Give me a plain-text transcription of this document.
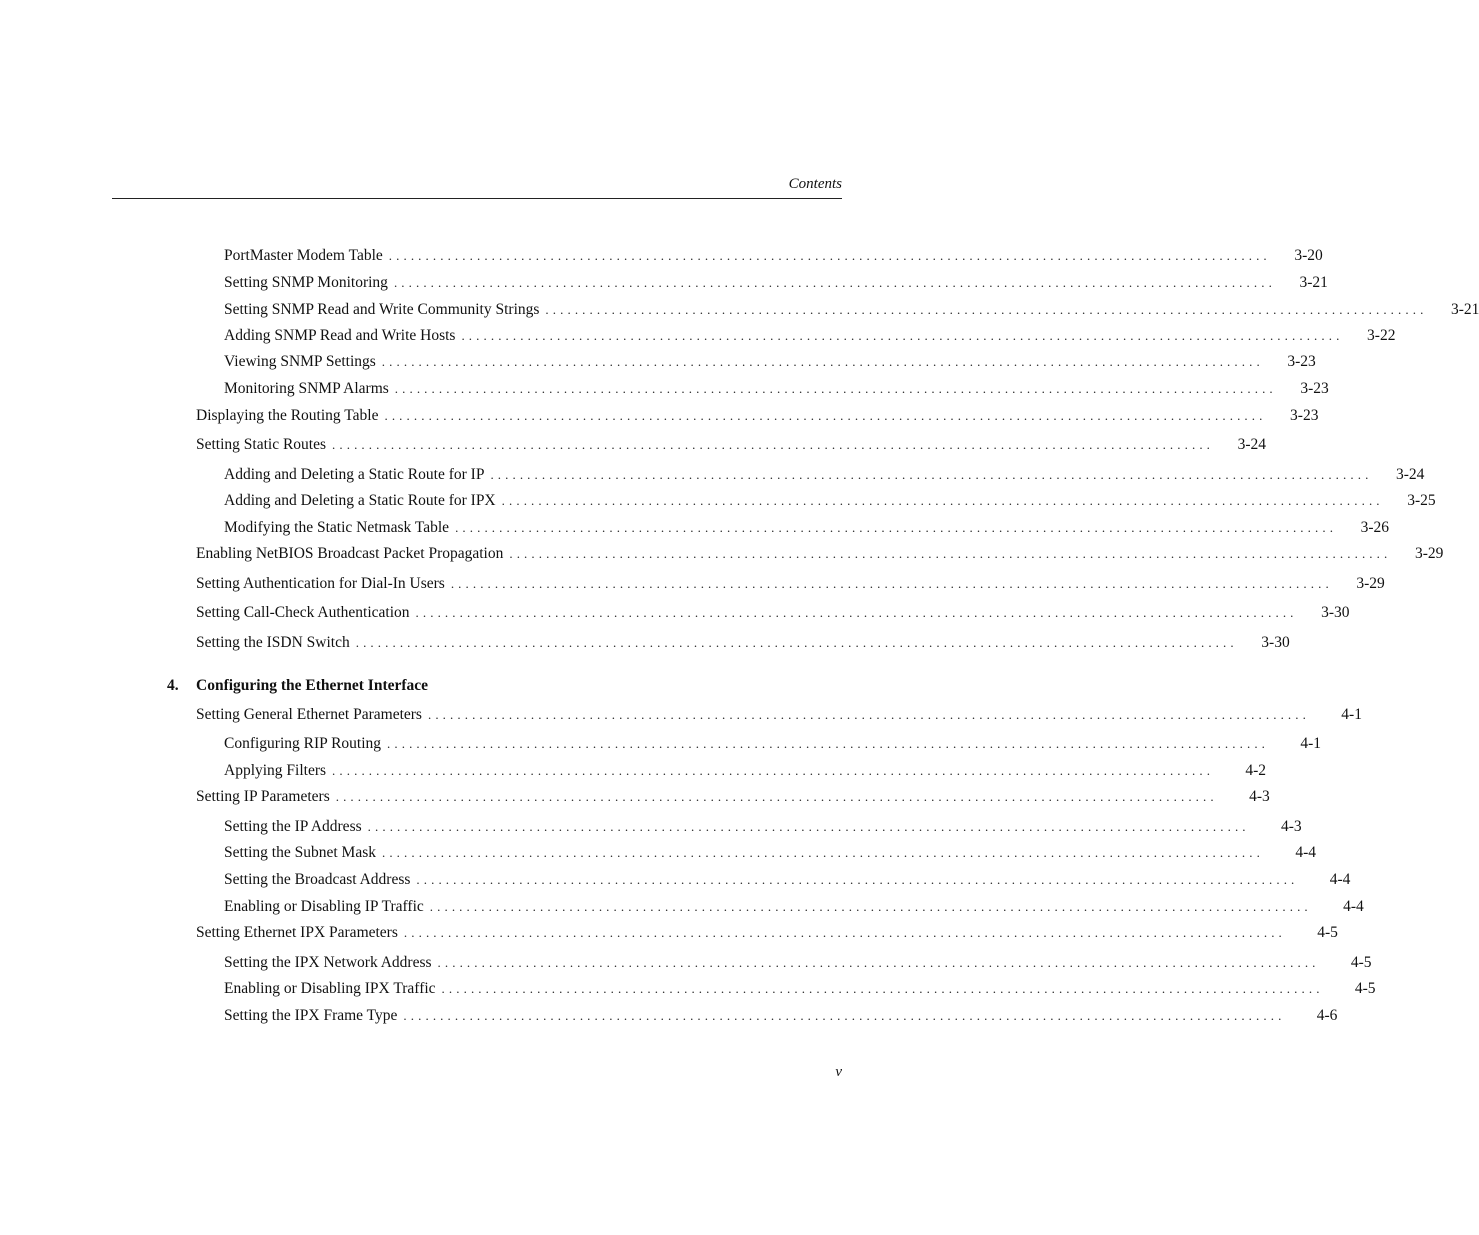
Contents
PortMaster Modem Table ........................................................................................................................	3-20
Setting SNMP Monitoring ........................................................................................................................	3-21
Setting SNMP Read and Write Community Strings ........................................................................................................................	3-21
Adding SNMP Read and Write Hosts ........................................................................................................................	3-22
Viewing SNMP Settings ........................................................................................................................	3-23
Monitoring SNMP Alarms ........................................................................................................................	3-23
Displaying the Routing Table ........................................................................................................................	3-23
Setting Static Routes ........................................................................................................................	3-24
Adding and Deleting a Static Route for IP ........................................................................................................................	3-24
Adding and Deleting a Static Route for IPX ........................................................................................................................	3-25
Modifying the Static Netmask Table ........................................................................................................................	3-26
Enabling NetBIOS Broadcast Packet Propagation ........................................................................................................................	3-29
Setting Authentication for Dial-In Users ........................................................................................................................	3-29
Setting Call-Check Authentication ........................................................................................................................	3-30
Setting the ISDN Switch ........................................................................................................................	3-30
4. Configuring the Ethernet Interface
Setting General Ethernet Parameters ........................................................................................................................	4-1
Configuring RIP Routing ........................................................................................................................	4-1
Applying Filters ........................................................................................................................	4-2
Setting IP Parameters ........................................................................................................................	4-3
Setting the IP Address ........................................................................................................................	4-3
Setting the Subnet Mask ........................................................................................................................	4-4
Setting the Broadcast Address ........................................................................................................................	4-4
Enabling or Disabling IP Traffic ........................................................................................................................	4-4
Setting Ethernet IPX Parameters ........................................................................................................................	4-5
Setting the IPX Network Address ........................................................................................................................	4-5
Enabling or Disabling IPX Traffic ........................................................................................................................	4-5
Setting the IPX Frame Type ........................................................................................................................	4-6
v
